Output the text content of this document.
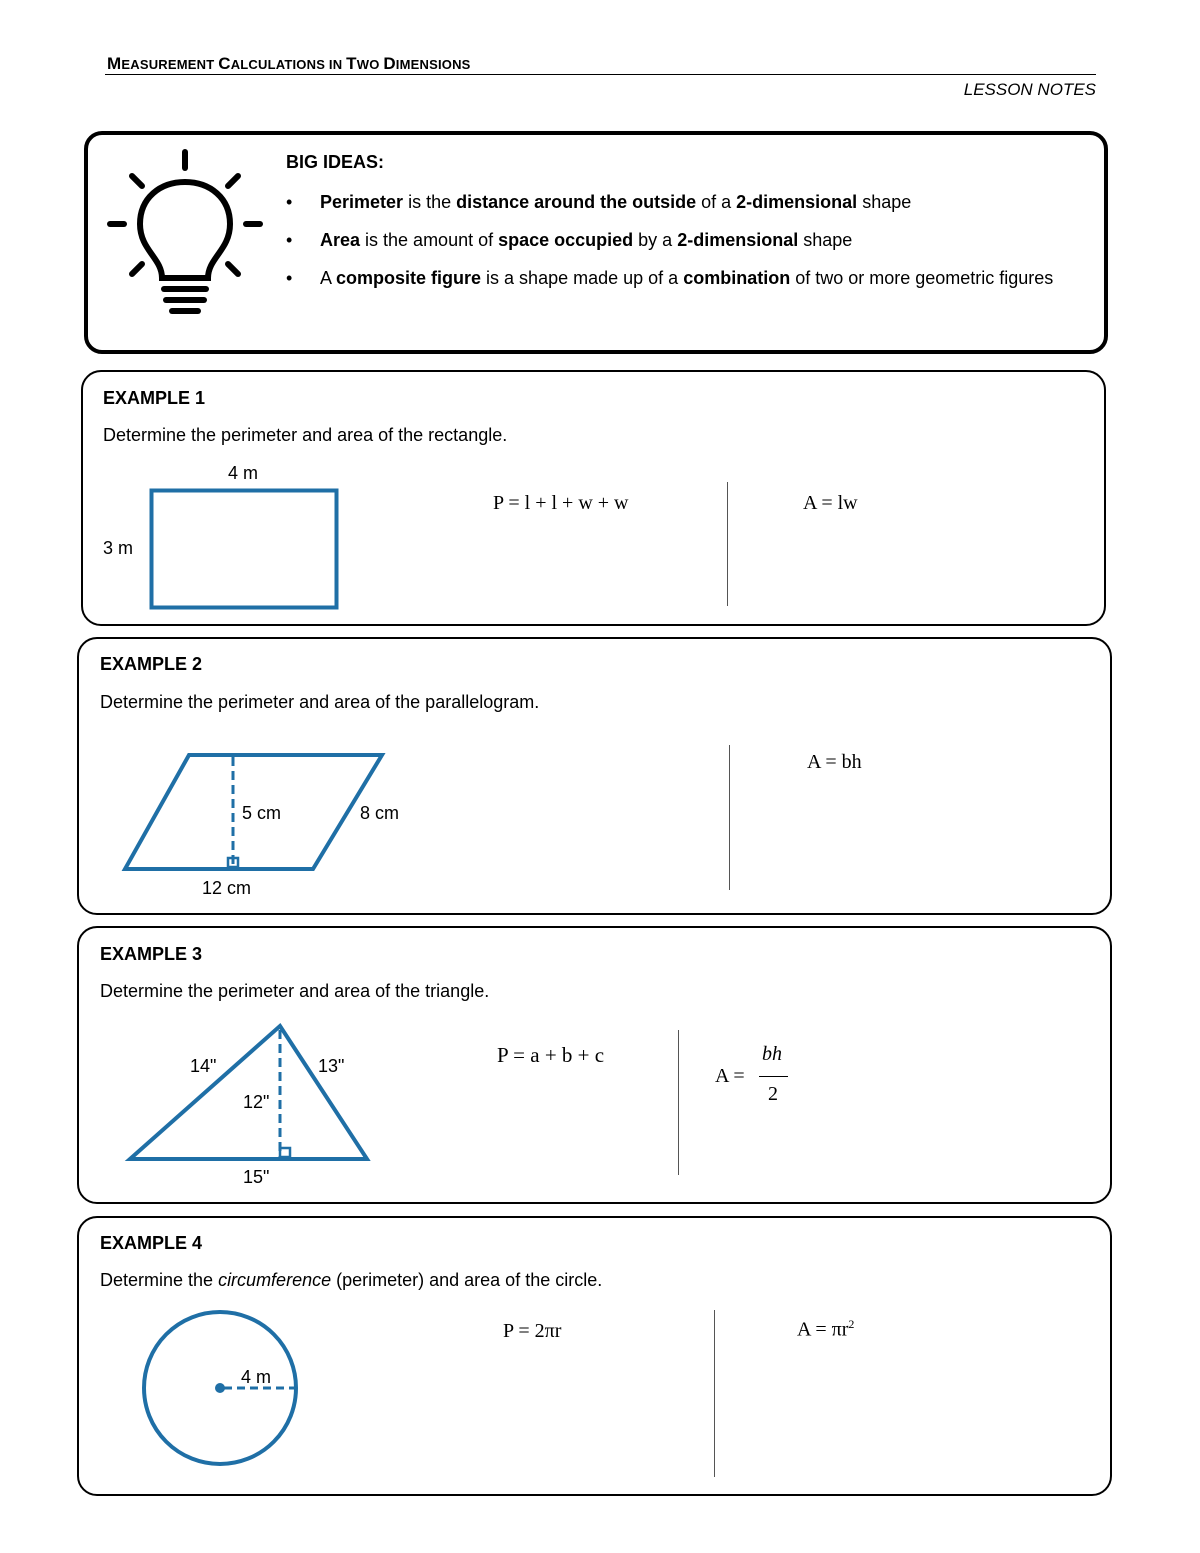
MEASUREMENT CALCULATIONS IN TWO DIMENSIONS
LESSON NOTES
BIG IDEAS:
• Perimeter is the distance around the outside of a 2-dimensional shape
• Area is the amount of space occupied by a 2-dimensional shape
• A composite figure is a shape made up of a combination of two or more geometric figures
EXAMPLE 1
Determine the perimeter and area of the rectangle.
4 m
3 m
P = l + l + w + w	A = lw
EXAMPLE 2
Determine the perimeter and area of the parallelogram.
5 cm	8 cm
12 cm
A = bh
EXAMPLE 3
Determine the perimeter and area of the triangle.
14"	13"
12"
15"
P = a + b + c
A =
bh
2
EXAMPLE 4
Determine the circumference (perimeter) and area of the circle.
4 m
P = 2πr	$A = \pi r^2$
